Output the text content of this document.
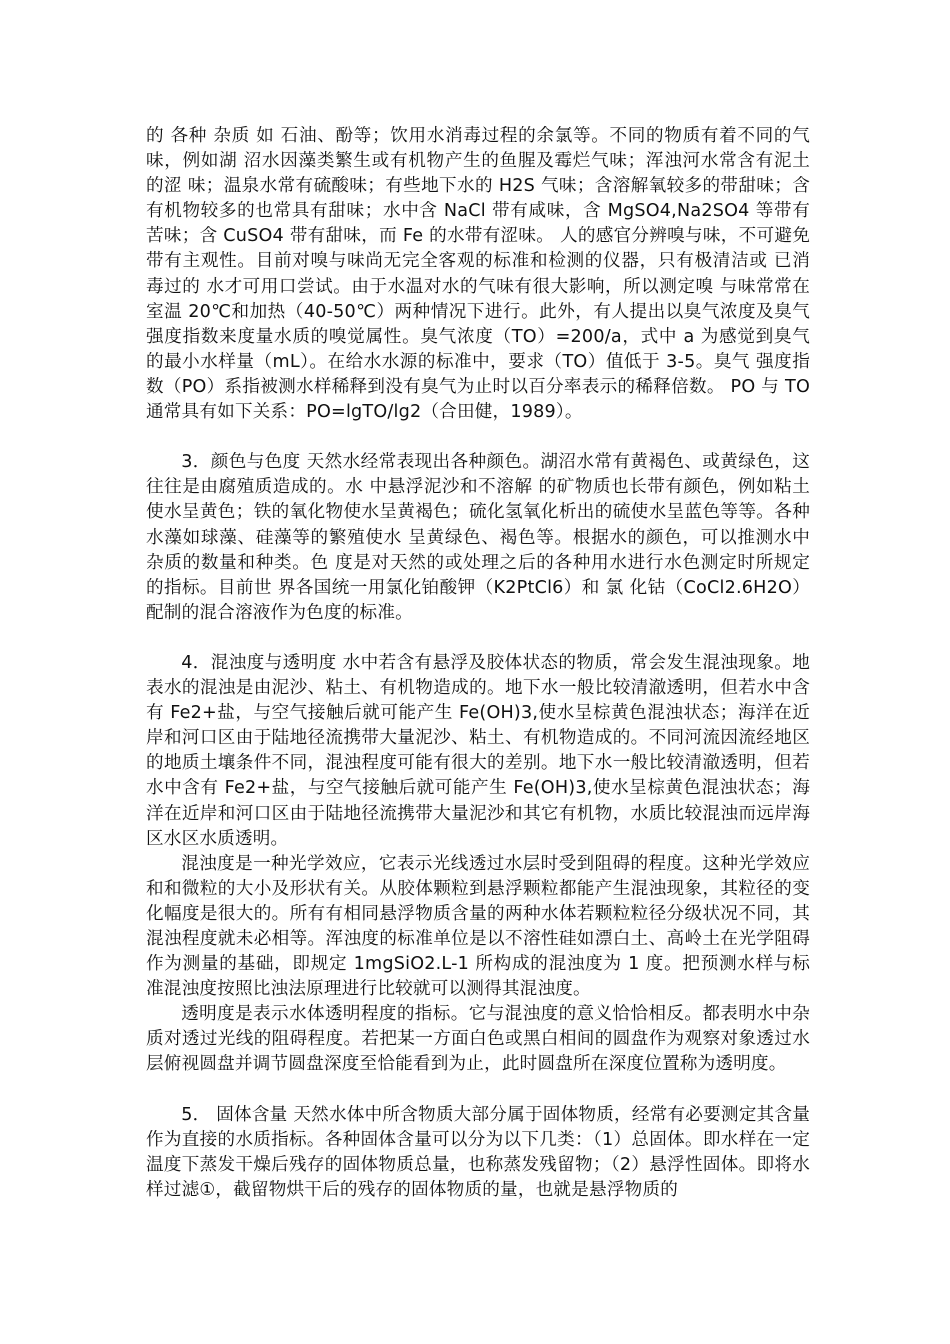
的 各种 杂质 如 石油、酚等；饮用水消毒过程的余氯等。不同的物质有着不同的气味，例如湖 沼水因藻类繁生或有机物产生的鱼腥及霉烂气味；浑浊河水常含有泥土的涩 味；温泉水常有硫酸味；有些地下水的 H2S 气味；含溶解氧较多的带甜味；含有机物较多的也常具有甜味；水中含 NaCl 带有咸味，含 MgSO4,Na2SO4 等带有苦味；含 CuSO4 带有甜味，而 Fe 的水带有涩味。 人的感官分辨嗅与味，不可避免带有主观性。目前对嗅与味尚无完全客观的标准和检测的仪器，只有极清洁或 已消毒过的 水才可用口尝试。由于水温对水的气味有很大影响，所以测定嗅 与味常常在室温 20℃和加热（40-50℃）两种情况下进行。此外，有人提出以臭气浓度及臭气强度指数来度量水质的嗅觉属性。臭气浓度（TO）=200/a，式中 a 为感觉到臭气的最小水样量（mL）。在给水水源的标准中，要求（TO）值低于 3-5。臭气 强度指数（PO）系指被测水样稀释到没有臭气为止时以百分率表示的稀释倍数。 PO 与 TO 通常具有如下关系：PO=lgTO/lg2（合田健，1989）。

3．颜色与色度 天然水经常表现出各种颜色。湖沼水常有黄褐色、或黄绿色，这往往是由腐殖质造成的。水 中悬浮泥沙和不溶解 的矿物质也长带有颜色，例如粘土使水呈黄色；铁的氧化物使水呈黄褐色；硫化氢氧化析出的硫使水呈蓝色等等。各种水藻如球藻、硅藻等的繁殖使水 呈黄绿色、褐色等。根据水的颜色，可以推测水中杂质的数量和种类。色 度是对天然的或处理之后的各种用水进行水色测定时所规定的指标。目前世 界各国统一用氯化铂酸钾（K2PtCl6）和 氯 化钴（CoCl2.6H2O）配制的混合溶液作为色度的标准。

4．混浊度与透明度 水中若含有悬浮及胶体状态的物质，常会发生混浊现象。地表水的混浊是由泥沙、粘土、有机物造成的。地下水一般比较清澈透明，但若水中含有 Fe2+盐，与空气接触后就可能产生 Fe(OH)3,使水呈棕黄色混浊状态；海洋在近岸和河口区由于陆地径流携带大量泥沙、粘土、有机物造成的。不同河流因流经地区的地质土壤条件不同，混浊程度可能有很大的差别。地下水一般比较清澈透明，但若水中含有 Fe2+盐，与空气接触后就可能产生 Fe(OH)3,使水呈棕黄色混浊状态；海洋在近岸和河口区由于陆地径流携带大量泥沙和其它有机物，水质比较混浊而远岸海区水区水质透明。

混浊度是一种光学效应，它表示光线透过水层时受到阻碍的程度。这种光学效应和和微粒的大小及形状有关。从胶体颗粒到悬浮颗粒都能产生混浊现象，其粒径的变化幅度是很大的。所有有相同悬浮物质含量的两种水体若颗粒粒径分级状况不同，其混浊程度就未必相等。浑浊度的标准单位是以不溶性硅如漂白土、高岭土在光学阻碍作为测量的基础，即规定 1mgSiO2.L-1 所构成的混浊度为 1 度。把预测水样与标准混浊度按照比浊法原理进行比较就可以测得其混浊度。

透明度是表示水体透明程度的指标。它与混浊度的意义恰恰相反。都表明水中杂质对透过光线的阻碍程度。若把某一方面白色或黑白相间的圆盘作为观察对象透过水层俯视圆盘并调节圆盘深度至恰能看到为止，此时圆盘所在深度位置称为透明度。

5． 固体含量 天然水体中所含物质大部分属于固体物质，经常有必要测定其含量作为直接的水质指标。各种固体含量可以分为以下几类：（1）总固体。即水样在一定温度下蒸发干燥后残存的固体物质总量，也称蒸发残留物；（2）悬浮性固体。即将水样过滤①，截留物烘干后的残存的固体物质的量，也就是悬浮物质的
